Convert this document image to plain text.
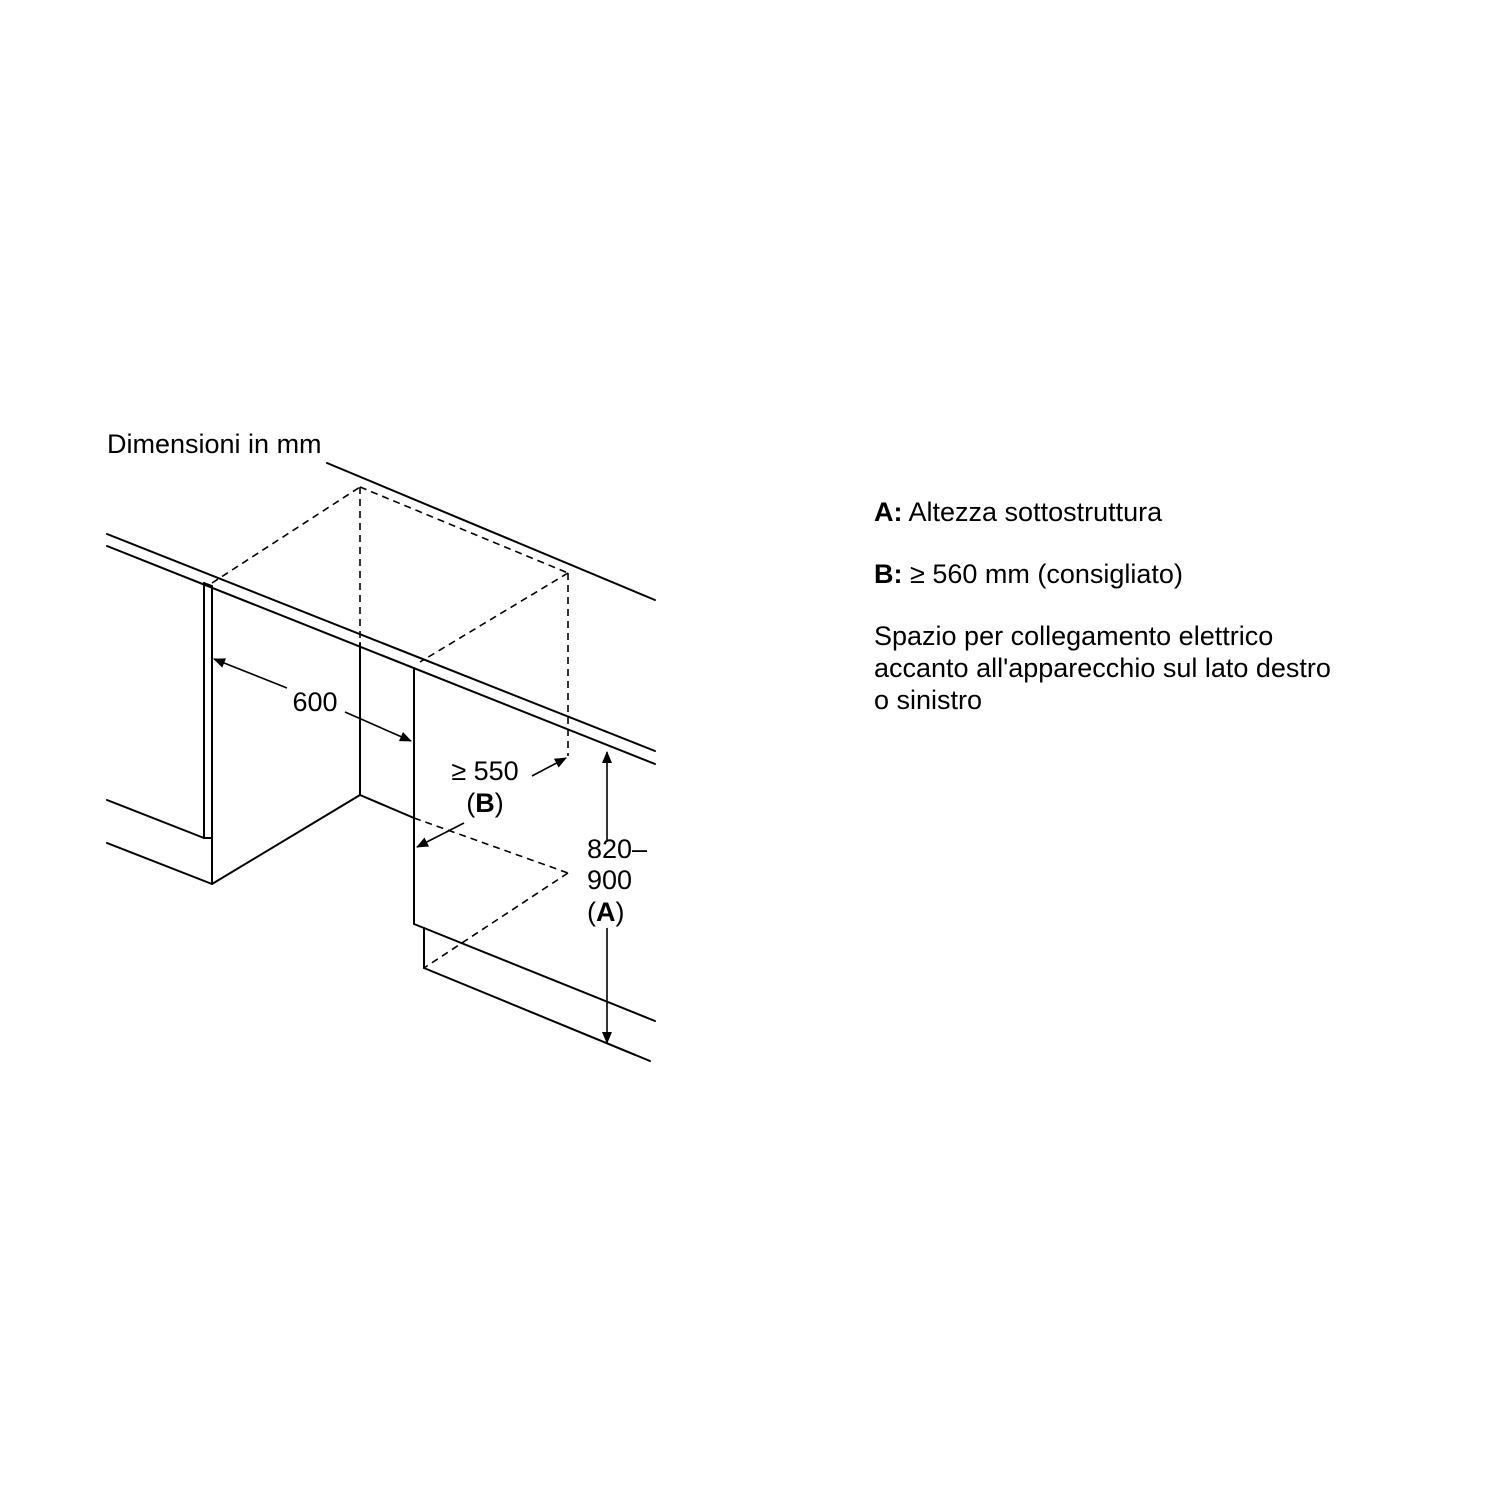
Dimensioni in mm
600
≥ 550
(B)
820–
900
(A)

A: Altezza sottostruttura

B: ≥ 560 mm (consigliato)

Spazio per collegamento elettrico
accanto all'apparecchio sul lato destro
o sinistro
